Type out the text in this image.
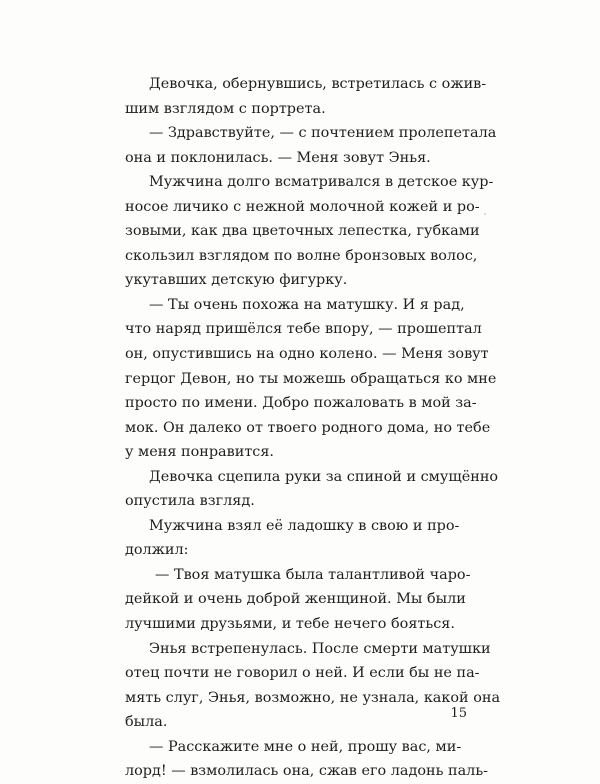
Девочка, обернувшись, встретилась с ожив-
шим взглядом с портрета.
— Здравствуйте, — с почтением пролепетала
она и поклонилась. — Меня зовут Энья.
Мужчина долго всматривался в детское кур-
носое личико с нежной молочной кожей и ро-
зовыми, как два цветочных лепестка, губками
скользил взглядом по волне бронзовых волос,
укутавших детскую фигурку.
— Ты очень похожа на матушку. И я рад,
что наряд пришёлся тебе впору, — прошептал
он, опустившись на одно колено. — Меня зовут
герцог Девон, но ты можешь обращаться ко мне
просто по имени. Добро пожаловать в мой за-
мок. Он далеко от твоего родного дома, но тебе
у меня понравится.
Девочка сцепила руки за спиной и смущённо
опустила взгляд.
Мужчина взял её ладошку в свою и про-
должил:
— Твоя матушка была талантливой чаро-
дейкой и очень доброй женщиной. Мы были
лучшими друзьями, и тебе нечего бояться.
Энья встрепенулась. После смерти матушки
отец почти не говорил о ней. И если бы не па-
мять слуг, Энья, возможно, не узнала, какой она
была.
— Расскажите мне о ней, прошу вас, ми-
лорд! — взмолилась она, сжав его ладонь паль-
15
